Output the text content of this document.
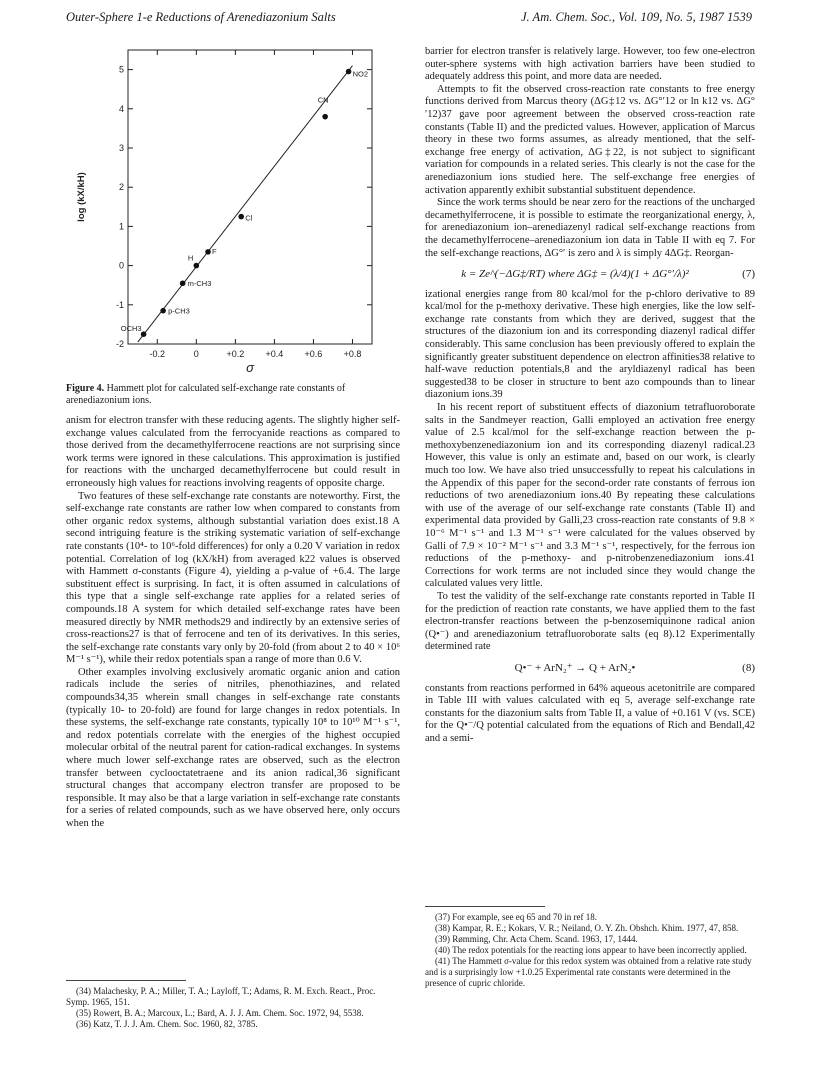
Outer-Sphere 1-e Reductions of Arenediazonium Salts	J. Am. Chem. Soc., Vol. 109, No. 5, 1987 1539
-0.2	0	+0.2 +0.4 +0.6 +0.8
-2
-1
0
1
2
3
4
5
OCH3
p-CH3
m-CH3
H
F
Cl
CN
NO2
σ
log (kX/kH)
Figure 4. Hammett plot for calculated self-exchange rate constants of arenediazonium ions.

anism for electron transfer with these reducing agents. The slightly higher self-exchange values calculated from the ferrocyanide reactions as compared to those derived from the decamethylferrocene reactions are not surprising since work terms were ignored in these calculations. This approximation is justified for reactions with the uncharged decamethylferrocene but could result in erroneously high values for reactions involving reagents of opposite charge.

Two features of these self-exchange rate constants are noteworthy. First, the self-exchange rate constants are rather low when compared to constants from other organic redox systems, although substantial variation does exist.18 A second intriguing feature is the striking systematic variation of self-exchange rate constants (10⁴- to 10⁶-fold differences) for only a 0.20 V variation in redox potential. Correlation of log (kX/kH) from averaged k22 values is observed with Hammett σ-constants (Figure 4), yielding a ρ-value of +6.4. The large substituent effect is surprising. In fact, it is often assumed in calculations of this type that a single self-exchange rate applies for a related series of compounds.18 A system for which detailed self-exchange rates have been measured directly by NMR methods29 and indirectly by an extensive series of cross-reactions27 is that of ferrocene and ten of its derivatives. In this series, the self-exchange rate constants vary only by 20-fold (from about 2 to 40 × 10⁶ M⁻¹ s⁻¹), while their redox potentials span a range of more than 0.6 V.

Other examples involving exclusively aromatic organic anion and cation radicals include the series of nitriles, phenothiazines, and related compounds34,35 wherein small changes in self-exchange rate constants (typically 10- to 20-fold) are found for large changes in redox potentials. In these systems, the self-exchange rate constants, typically 10⁸ to 10¹⁰ M⁻¹ s⁻¹, and redox potentials correlate with the energies of the highest occupied molecular orbital of the neutral parent for cation-radical exchanges. In systems where much lower self-exchange rates are observed, such as the electron transfer between cyclooctatetraene and its anion radical,36 significant structural changes that accompany electron transfer are proposed to be responsible. It may also be that a large variation in self-exchange rate constants for a series of related compounds, such as we have observed here, only occurs when the

(34) Malachesky, P. A.; Miller, T. A.; Layloff, T.; Adams, R. M. Exch. React., Proc. Symp. 1965, 151.

(35) Rowert, B. A.; Marcoux, L.; Bard, A. J. J. Am. Chem. Soc. 1972, 94, 5538.

(36) Katz, T. J. J. Am. Chem. Soc. 1960, 82, 3785.

barrier for electron transfer is relatively large. However, too few one-electron outer-sphere systems with high activation barriers have been studied to adequately address this point, and more data are needed.

Attempts to fit the observed cross-reaction rate constants to free energy functions derived from Marcus theory (ΔG‡12 vs. ΔG°′12 or ln k12 vs. ΔG°′12)37 gave poor agreement between the observed cross-reaction rate constants (Table II) and the predicted values. However, application of Marcus theory in these two forms assumes, as already mentioned, that the self-exchange free energy of activation, ΔG‡22, is not subject to significant variation for compounds in a related series. This clearly is not the case for the arenediazonium ions studied here. The self-exchange free energies of activation apparently exhibit substantial substituent dependence.

Since the work terms should be near zero for the reactions of the uncharged decamethylferrocene, it is possible to estimate the reorganizational energy, λ, for arenediazonium ion–arenediazenyl radical self-exchange reactions from the decamethylferrocene–arenediazonium ion data in Table II with eq 7. For the self-exchange reactions, ΔG°′ is zero and λ is simply 4ΔG‡. Reorgan-

k = Ze^(−ΔG‡/RT) where ΔG‡ = (λ/4)(1 + ΔG°′/λ)²	(7)

izational energies range from 80 kcal/mol for the p-chloro derivative to 89 kcal/mol for the p-methoxy derivative. These high energies, like the low self-exchange rate constants from which they are derived, suggest that the structures of the diazonium ion and its corresponding diazenyl radical differ considerably. This same conclusion has been previously offered to explain the significantly greater substituent dependence on electron affinities38 relative to half-wave reduction potentials,8 and the aryldiazenyl radical has been suggested38 to be closer in structure to bent azo compounds than to linear diazonium ions.39

In his recent report of substituent effects of diazonium tetrafluoroborate salts in the Sandmeyer reaction, Galli employed an activation free energy value of 2.5 kcal/mol for the self-exchange reaction between the p-methoxybenzenediazonium ion and its corresponding diazenyl radical.23 However, this value is only an estimate and, based on our work, is clearly much too low. We have also tried unsuccessfully to repeat his calculations in the Appendix of this paper for the second-order rate constants of ferrous ion reductions of two arenediazonium ions.40 By repeating these calculations with use of the average of our self-exchange rate constants (Table II) and experimental data provided by Galli,23 cross-reaction rate constants of 9.8 × 10⁻⁶ M⁻¹ s⁻¹ and 1.3 M⁻¹ s⁻¹ were calculated for the values observed by Galli of 7.9 × 10⁻² M⁻¹ s⁻¹ and 3.3 M⁻¹ s⁻¹, respectively, for the ferrous ion reductions of the p-methoxy- and p-nitrobenzenediazonium ions.41 Corrections for work terms are not included since they would change the calculated values very little.

To test the validity of the self-exchange rate constants reported in Table II for the prediction of reaction rate constants, we have applied them to the fast electron-transfer reactions between the p-benzosemiquinone radical anion (Q•⁻) and arenediazonium tetrafluoroborate salts (eq 8).12 Experimentally determined rate

Q•⁻ + ArN₂⁺ → Q + ArN₂•	(8)

constants from reactions performed in 64% aqueous acetonitrile are compared in Table III with values calculated with eq 5, average self-exchange rate constants for the diazonium salts from Table II, a value of +0.161 V (vs. SCE) for the Q•⁻/Q potential calculated from the equations of Rich and Bendall,42 and a semi-

(37) For example, see eq 65 and 70 in ref 18.

(38) Kampar, R. E.; Kokars, V. R.; Neiland, O. Y. Zh. Obshch. Khim. 1977, 47, 858.

(39) Rømming, Chr. Acta Chem. Scand. 1963, 17, 1444.

(40) The redox potentials for the reacting ions appear to have been incorrectly applied.

(41) The Hammett σ-value for this redox system was obtained from a relative rate study and is a surprisingly low +1.0.25 Experimental rate constants were determined in the presence of cupric chloride.
